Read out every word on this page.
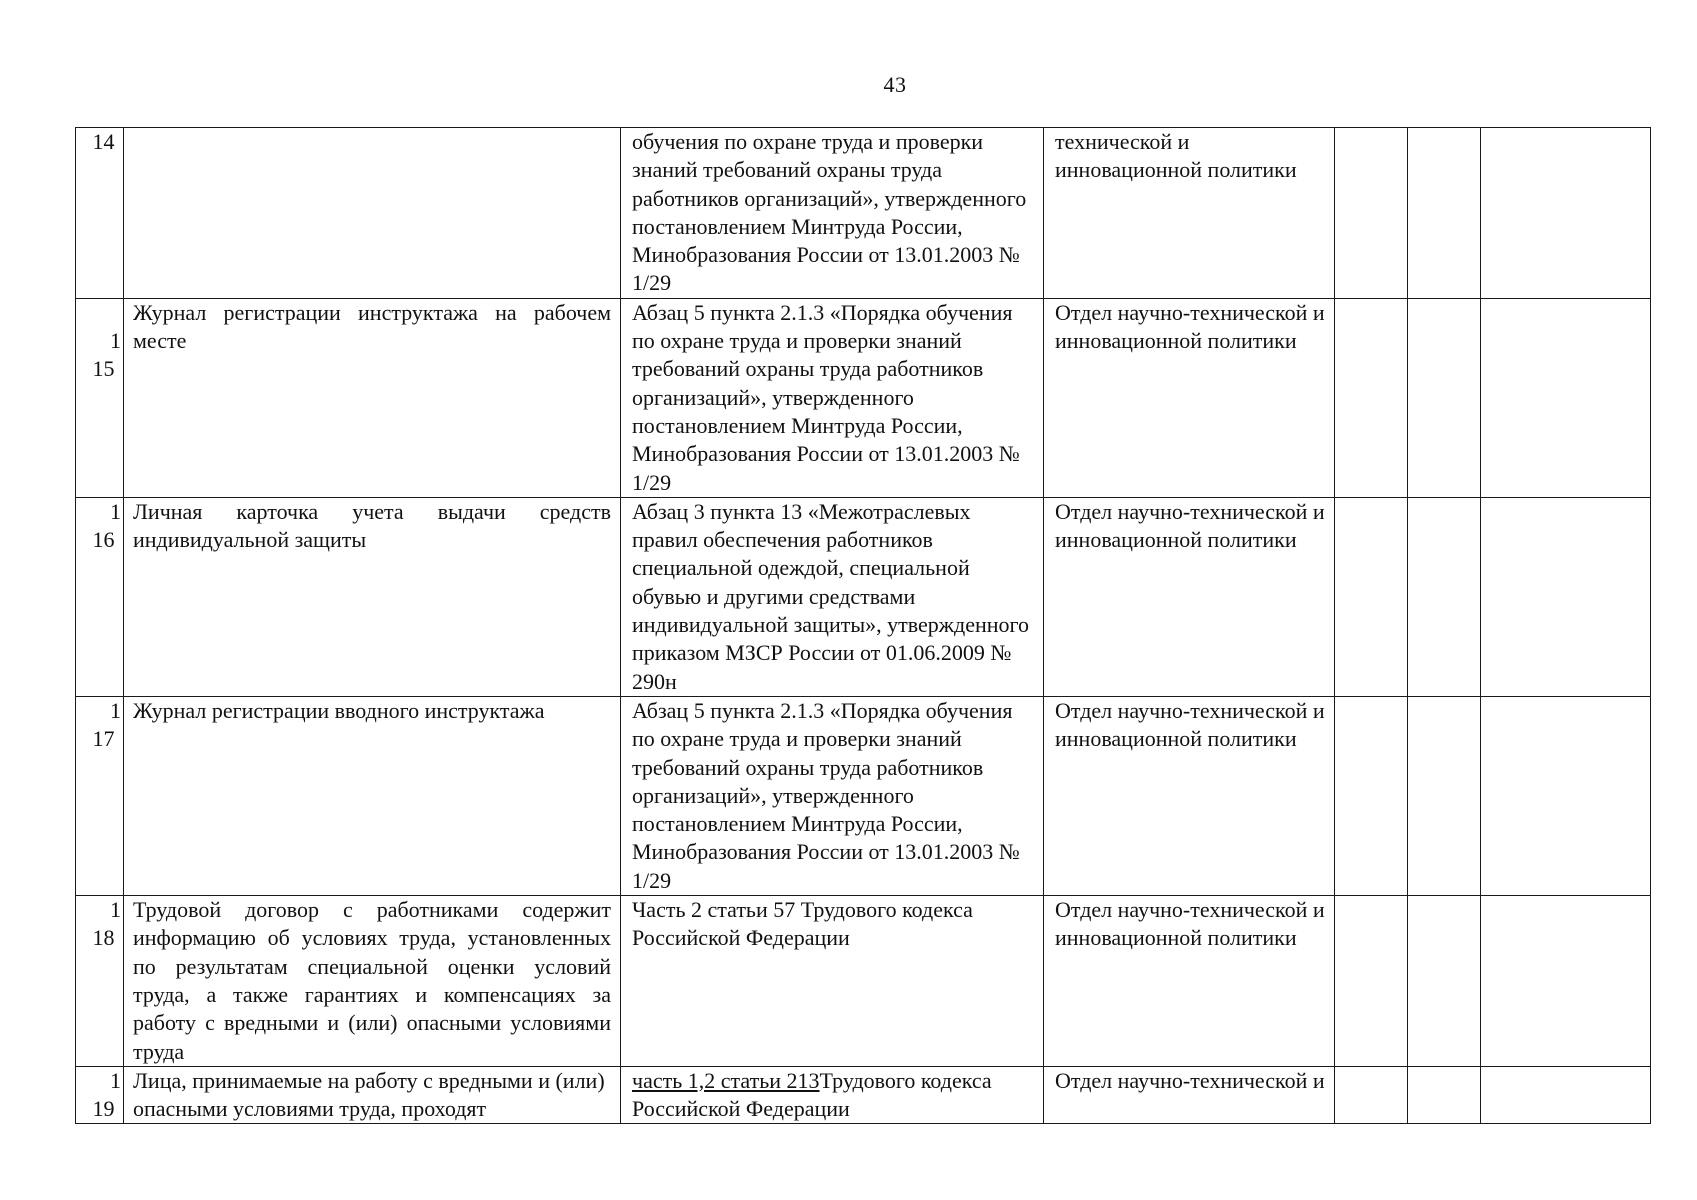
43
14		обучения по охране труда и проверки знаний требований охраны труда работников организаций», утвержденного постановлением Минтруда России, Минобразования России от 13.01.2003 № 1/29	технической и инновационной политики			

1
15	Журнал регистрации инструктажа на рабочем месте	Абзац 5 пункта 2.1.3 «Порядка обучения по охране труда и проверки знаний требований охраны труда работников организаций», утвержденного постановлением Минтруда России, Минобразования России от 13.01.2003 № 1/29	Отдел научно-технической и инновационной политики			

1
16	Личная карточка учета выдачи средств индивидуальной защиты	Абзац 3 пункта 13 «Межотраслевых правил обеспечения работников специальной одеждой, специальной обувью и другими средствами индивидуальной защиты», утвержденного приказом МЗСР России от 01.06.2009 № 290н	Отдел научно-технической и инновационной политики			

1
17	Журнал регистрации вводного инструктажа	Абзац 5 пункта 2.1.3 «Порядка обучения по охране труда и проверки знаний требований охраны труда работников организаций», утвержденного постановлением Минтруда России, Минобразования России от 13.01.2003 № 1/29	Отдел научно-технической и инновационной политики			

1
18	Трудовой договор с работниками содержит информацию об условиях труда, установленных по результатам специальной оценки условий труда, а также гарантиях и компенсациях за работу с вредными и (или) опасными условиями труда	Часть 2 статьи 57 Трудового кодекса Российской Федерации	Отдел научно-технической и инновационной политики			

1
19	Лица, принимаемые на работу с вредными и (или) опасными условиями труда, проходят	часть 1,2 статьи 213Трудового кодекса Российской Федерации	Отдел научно-технической и			
